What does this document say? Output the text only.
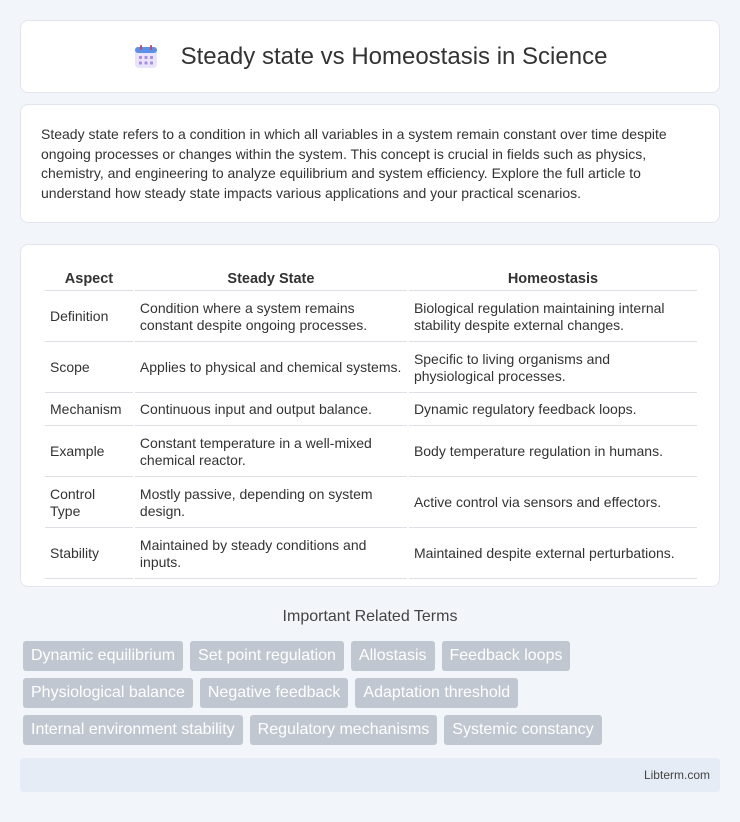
Steady state vs Homeostasis in Science

Steady state refers to a condition in which all variables in a system remain constant over time despite ongoing processes or changes within the system. This concept is crucial in fields such as physics, chemistry, and engineering to analyze equilibrium and system efficiency. Explore the full article to understand how steady state impacts various applications and your practical scenarios.

Aspect	Steady State	Homeostasis
Definition	Condition where a system remains constant despite ongoing processes.	Biological regulation maintaining internal stability despite external changes.
Scope	Applies to physical and chemical systems.	Specific to living organisms and physiological processes.
Mechanism	Continuous input and output balance.	Dynamic regulatory feedback loops.
Example	Constant temperature in a well-mixed chemical reactor.	Body temperature regulation in humans.
Control Type	Mostly passive, depending on system design.	Active control via sensors and effectors.
Stability	Maintained by steady conditions and inputs.	Maintained despite external perturbations.
Important Related Terms
Dynamic equilibrium	Set point regulation	Allostasis	Feedback loops
Physiological balance	Negative feedback	Adaptation threshold
Internal environment stability	Regulatory mechanisms	Systemic constancy
Libterm.com
